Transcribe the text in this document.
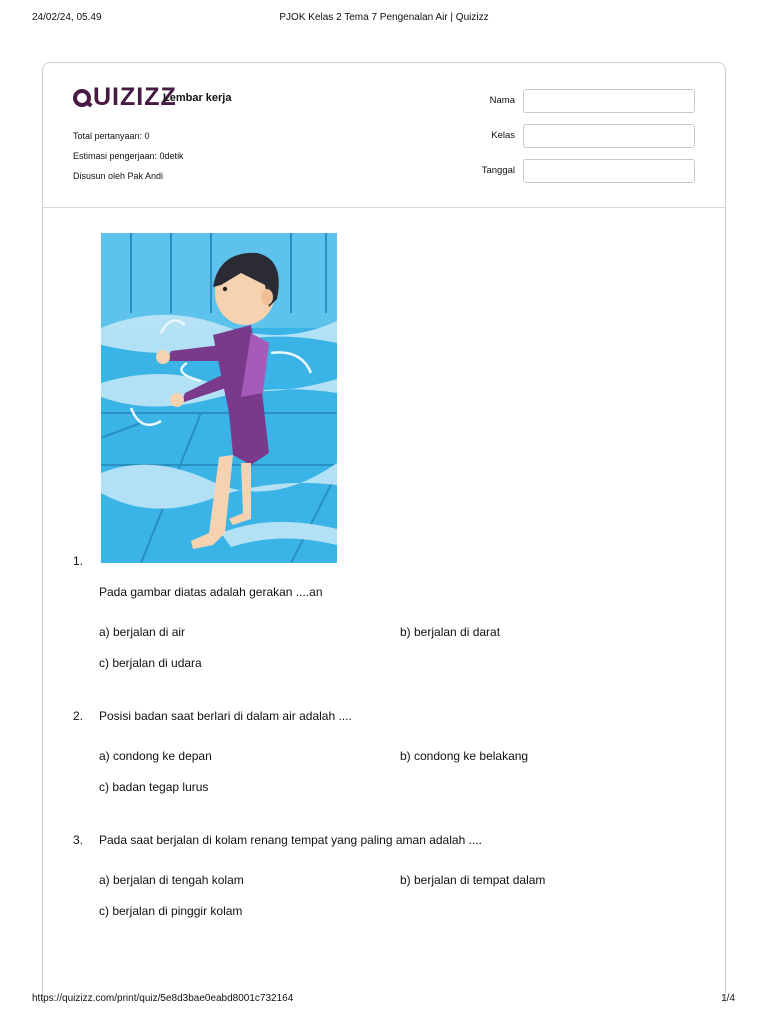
24/02/24, 05.49	PJOK Kelas 2 Tema 7 Pengenalan Air | Quizizz
UIZIZZ
Lembar kerja
Total pertanyaan: 0
Estimasi pengerjaan: 0detik
Disusun oleh Pak Andi
Nama
Kelas
Tanggal
1.
Pada gambar diatas adalah gerakan ....an
a) berjalan di air	b) berjalan di darat
c) berjalan di udara
2. Posisi badan saat berlari di dalam air adalah ....
a) condong ke depan	b) condong ke belakang
c) badan tegap lurus
3. Pada saat berjalan di kolam renang tempat yang paling aman adalah ....
a) berjalan di tengah kolam	b) berjalan di tempat dalam
c) berjalan di pinggir kolam
https://quizizz.com/print/quiz/5e8d3bae0eabd8001c732164	1/4
